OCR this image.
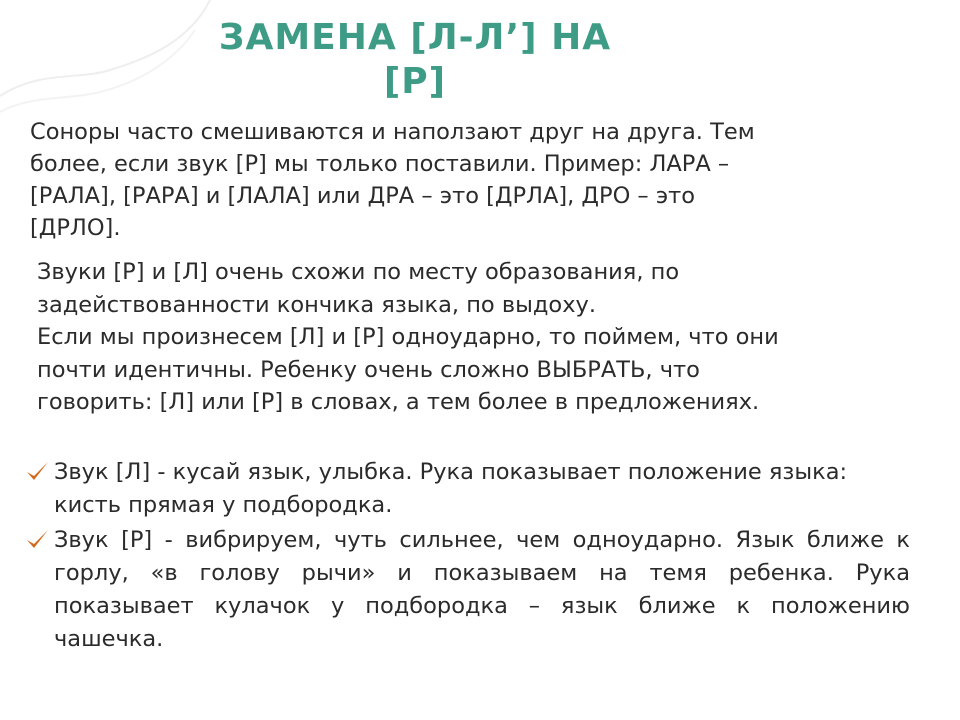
ЗАМЕНА [Л-Л’] НА
[Р]
Соноры часто смешиваются и наползают друг на друга. Тем
более, если звук [Р] мы только поставили. Пример: ЛАРА –
[РАЛА], [РАРА] и [ЛАЛА] или ДРА – это [ДРЛА], ДРО – это
[ДРЛО].
Звуки [Р] и [Л] очень схожи по месту образования, по
задействованности кончика языка, по выдоху.
Если мы произнесем [Л] и [Р] одноударно, то поймем, что они
почти идентичны. Ребенку очень сложно ВЫБРАТЬ, что
говорить: [Л] или [Р] в словах, а тем более в предложениях.
Звук [Л] - кусай язык, улыбка. Рука показывает положение языка: кисть прямая у подбородка.
Звук [Р] - вибрируем, чуть сильнее, чем одноударно. Язык ближе к горлу, «в голову рычи» и показываем на темя ребенка. Рука показывает кулачок у подбородка – язык ближе к положению чашечка.
